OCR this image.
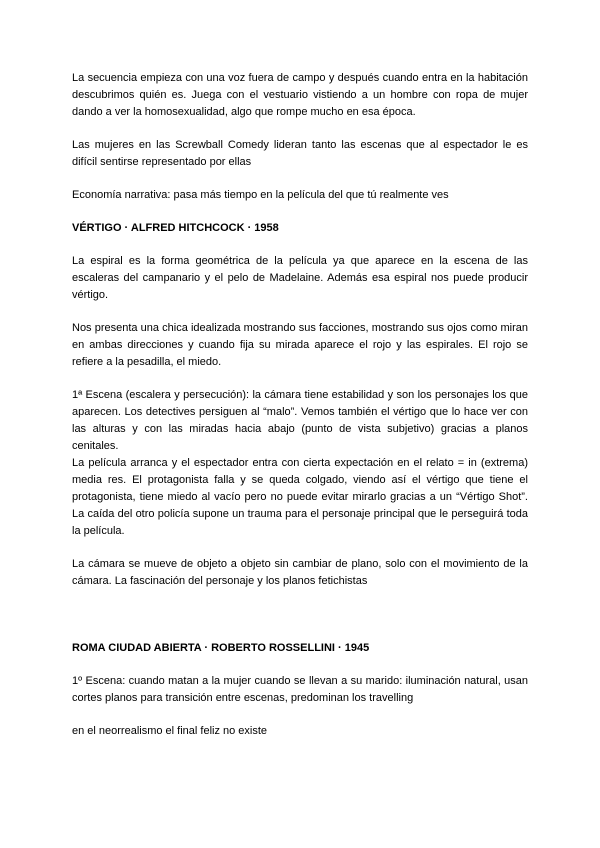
La secuencia empieza con una voz fuera de campo y después cuando entra en la habitación descubrimos quién es. Juega con el vestuario vistiendo a un hombre con ropa de mujer dando a ver la homosexualidad, algo que rompe mucho en esa época.

Las mujeres en las Screwball Comedy lideran tanto las escenas que al espectador le es difícil sentirse representado por ellas

Economía narrativa: pasa más tiempo en la película del que tú realmente ves

VÉRTIGO · ALFRED HITCHCOCK · 1958

La espiral es la forma geométrica de la película ya que aparece en la escena de las escaleras del campanario y el pelo de Madelaine. Además esa espiral nos puede producir vértigo.

Nos presenta una chica idealizada mostrando sus facciones, mostrando sus ojos como miran en ambas direcciones y cuando fija su mirada aparece el rojo y las espirales. El rojo se refiere a la pesadilla, el miedo.

1ª Escena (escalera y persecución): la cámara tiene estabilidad y son los personajes los que aparecen. Los detectives persiguen al “malo”. Vemos también el vértigo que lo hace ver con las alturas y con las miradas hacia abajo (punto de vista subjetivo) gracias a planos cenitales.

La película arranca y el espectador entra con cierta expectación en el relato = in (extrema) media res. El protagonista falla y se queda colgado, viendo así el vértigo que tiene el protagonista, tiene miedo al vacío pero no puede evitar mirarlo gracias a un “Vértigo Shot”. La caída del otro policía supone un trauma para el personaje principal que le perseguirá toda la película.

La cámara se mueve de objeto a objeto sin cambiar de plano, solo con el movimiento de la cámara. La fascinación del personaje y los planos fetichistas

ROMA CIUDAD ABIERTA · ROBERTO ROSSELLINI · 1945

1º Escena: cuando matan a la mujer cuando se llevan a su marido: iluminación natural, usan cortes planos para transición entre escenas, predominan los travelling

en el neorrealismo el final feliz no existe
